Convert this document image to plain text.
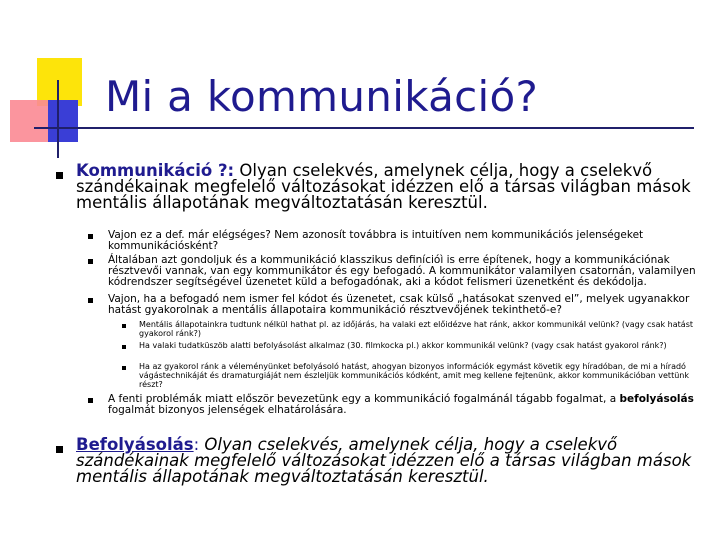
Mi a kommunikáció?
Kommunikáció ?: Olyan cselekvés, amelynek célja, hogy a cselekvő szándékainak megfelelő változásokat idézzen elő a társas világban mások mentális állapotának megváltoztatásán keresztül.
Vajon ez a def. már elégséges? Nem azonosít továbbra is intuitíven nem kommunikációs jelenségeket kommunikációsként?
Általában azt gondoljuk és a kommunikáció klasszikus definícióì is erre építenek, hogy a kommunikációnak résztvevői vannak, van egy kommunikátor és egy befogadó. A kommunikátor valamilyen csatornán, valamilyen kódrendszer segítségével üzenetet küld a befogadónak, aki a kódot felismeri üzenetként és dekódolja.
Vajon, ha a befogadó nem ismer fel kódot és üzenetet, csak külső „hatásokat szenved el”, melyek ugyanakkor hatást gyakorolnak a mentális állapotaira kommunikáció résztvevőjének tekinthető-e?
Mentális állapotainkra tudtunk nélkül hathat pl. az időjárás, ha valaki ezt előidézve hat ránk, akkor kommunikál velünk? (vagy csak hatást gyakorol ránk?)
Ha valaki tudatküszöb alatti befolyásolást alkalmaz (30. filmkocka pl.) akkor kommunikál velünk? (vagy csak hatást gyakorol ránk?)
Ha az gyakorol ránk a véleményünket befolyásoló hatást, ahogyan bizonyos információk egymást követik egy híradóban, de mi a híradó vágástechnikáját és dramaturgiáját nem észleljük kommunikációs kódként, amit meg kellene fejtenünk, akkor kommunikációban vettünk részt?
A fenti problémák miatt először bevezetünk egy a kommunikáció fogalmánál tágabb fogalmat, a befolyásolás fogalmát bizonyos jelenségek elhatárolására.
Befolyásolás: Olyan cselekvés, amelynek célja, hogy a cselekvő szándékainak megfelelő változásokat idézzen elő a társas világban mások mentális állapotának megváltoztatásán keresztül.
